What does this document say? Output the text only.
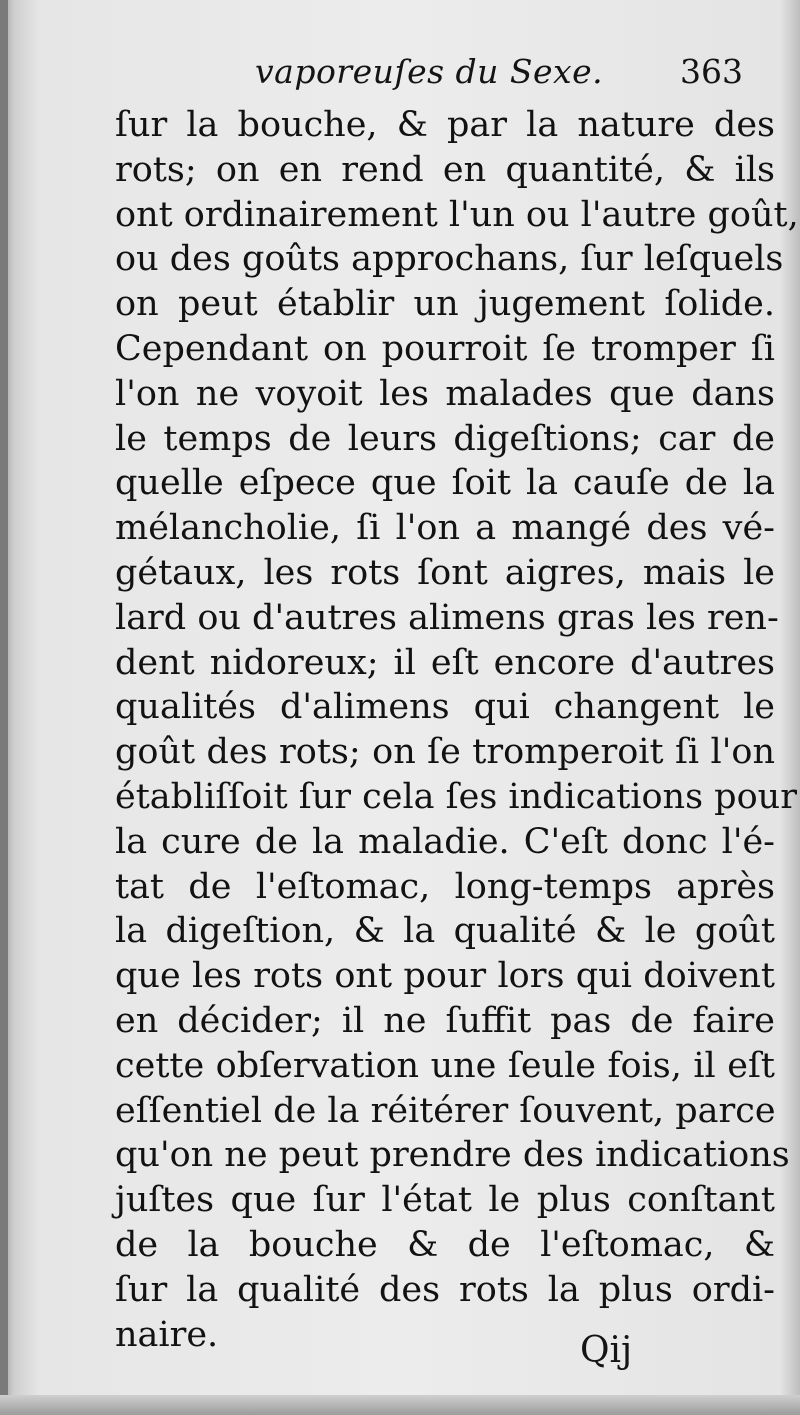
vaporeuſes du Sexe. 363
ſur la bouche, & par la nature des
rots; on en rend en quantité, & ils
ont ordinairement l'un ou l'autre goût,
ou des goûts approchans, ſur leſquels
on peut établir un jugement ſolide.
Cependant on pourroit ſe tromper ſi
l'on ne voyoit les malades que dans
le temps de leurs digeſtions; car de
quelle eſpece que ſoit la cauſe de la
mélancholie, ſi l'on a mangé des vé-
gétaux, les rots ſont aigres, mais le
lard ou d'autres alimens gras les ren-
dent nidoreux; il eſt encore d'autres
qualités d'alimens qui changent le
goût des rots; on ſe tromperoit ſi l'on
établiſſoit ſur cela ſes indications pour
la cure de la maladie. C'eſt donc l'é-
tat de l'eſtomac, long-temps après
la digeſtion, & la qualité & le goût
que les rots ont pour lors qui doivent
en décider; il ne ſuffit pas de faire
cette obſervation une ſeule fois, il eſt
eſſentiel de la réitérer ſouvent, parce
qu'on ne peut prendre des indications
juſtes que ſur l'état le plus conſtant
de la bouche & de l'eſtomac, &
ſur la qualité des rots la plus ordi-
naire.	Qij
